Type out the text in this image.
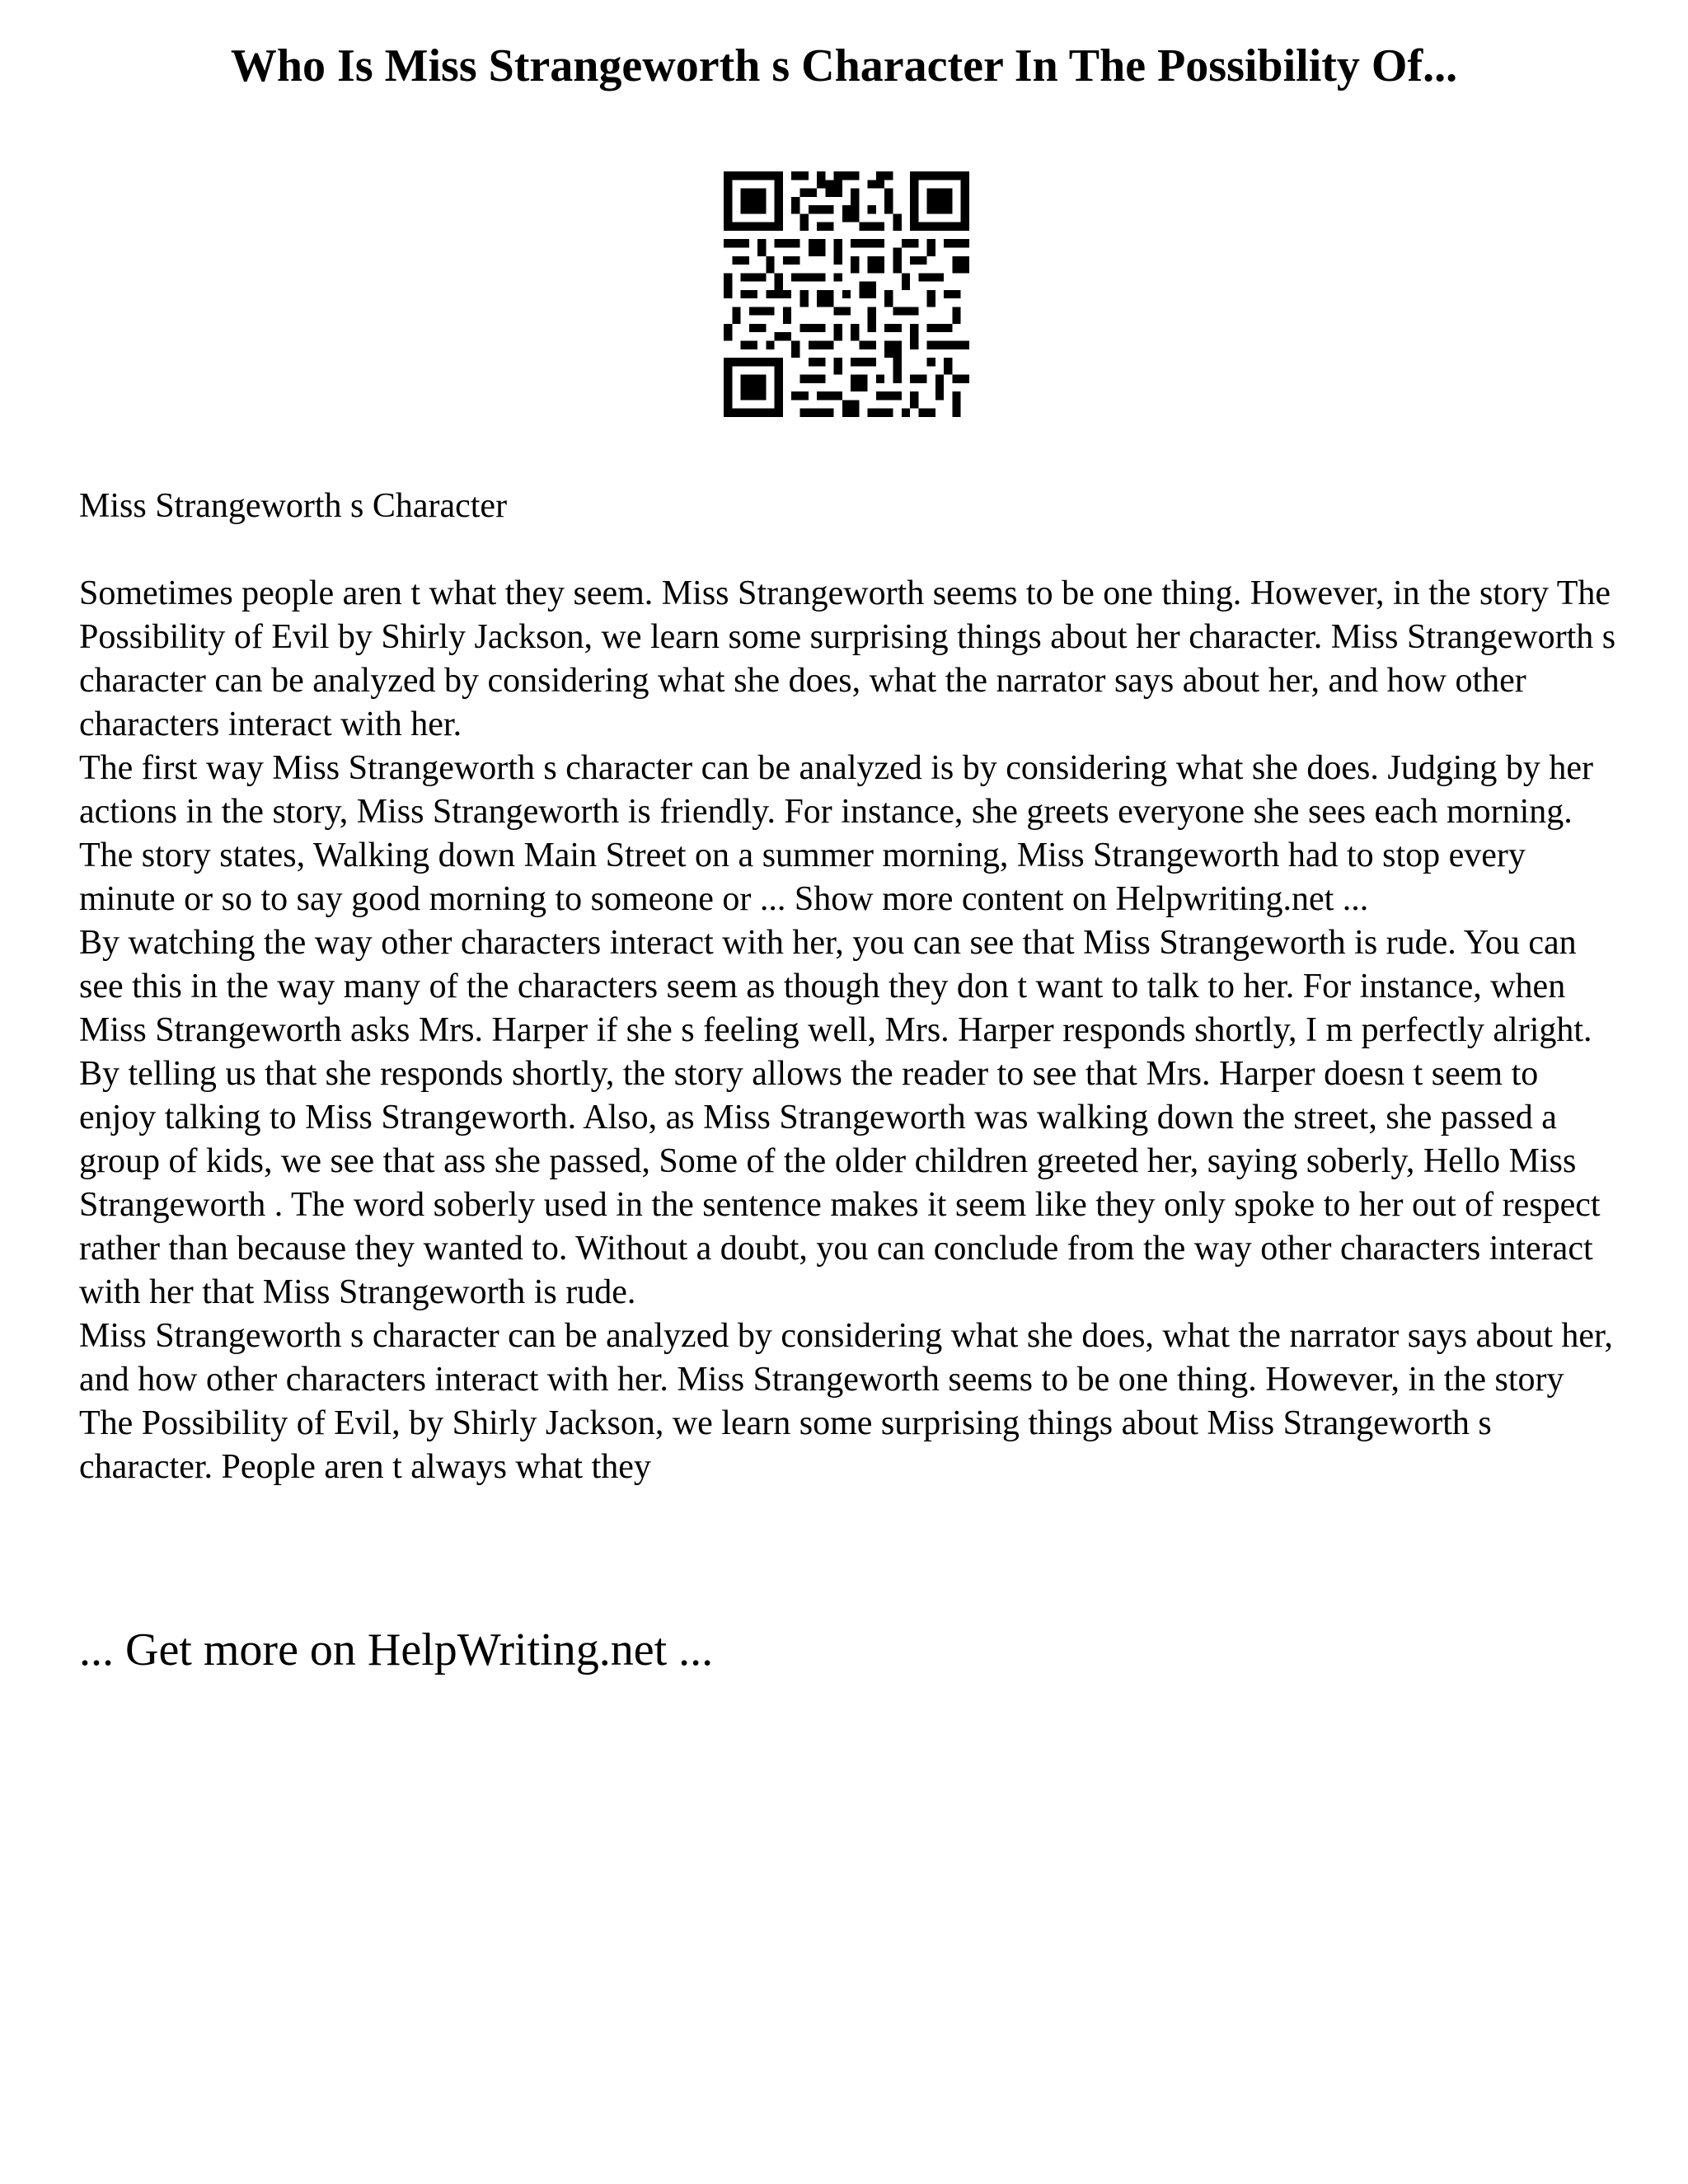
Who Is Miss Strangeworth s Character In The Possibility Of...

Miss Strangeworth s Character

Sometimes people aren t what they seem. Miss Strangeworth seems to be one thing. However, in the story The Possibility of Evil by Shirly Jackson, we learn some surprising things about her character. Miss Strangeworth s character can be analyzed by considering what she does, what the narrator says about her, and how other characters interact with her.

The first way Miss Strangeworth s character can be analyzed is by considering what she does. Judging by her actions in the story, Miss Strangeworth is friendly. For instance, she greets everyone she sees each morning. The story states, Walking down Main Street on a summer morning, Miss Strangeworth had to stop every minute or so to say good morning to someone or ... Show more content on Helpwriting.net ...

By watching the way other characters interact with her, you can see that Miss Strangeworth is rude. You can see this in the way many of the characters seem as though they don t want to talk to her. For instance, when Miss Strangeworth asks Mrs. Harper if she s feeling well, Mrs. Harper responds shortly, I m perfectly alright. By telling us that she responds shortly, the story allows the reader to see that Mrs. Harper doesn t seem to enjoy talking to Miss Strangeworth. Also, as Miss Strangeworth was walking down the street, she passed a group of kids, we see that ass she passed, Some of the older children greeted her, saying soberly, Hello Miss Strangeworth . The word soberly used in the sentence makes it seem like they only spoke to her out of respect rather than because they wanted to. Without a doubt, you can conclude from the way other characters interact with her that Miss Strangeworth is rude.

Miss Strangeworth s character can be analyzed by considering what she does, what the narrator says about her, and how other characters interact with her. Miss Strangeworth seems to be one thing. However, in the story The Possibility of Evil, by Shirly Jackson, we learn some surprising things about Miss Strangeworth s character. People aren t always what they

... Get more on HelpWriting.net ...
